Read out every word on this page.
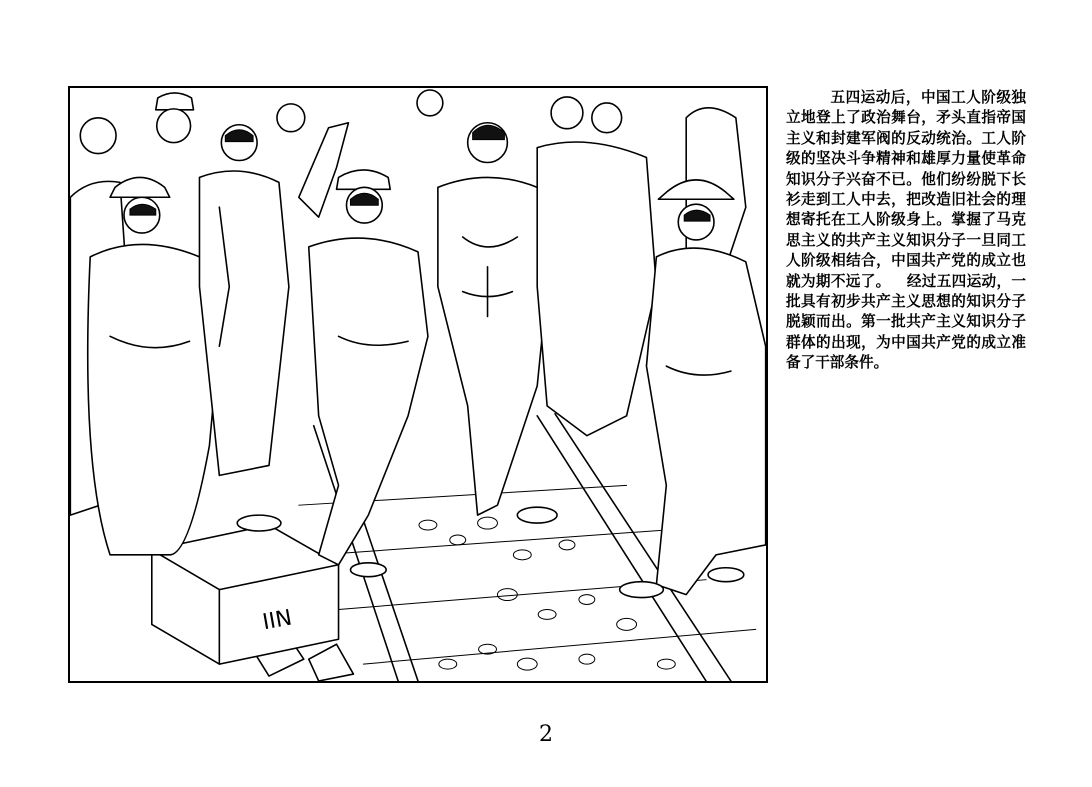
IIN
五四运动后，中国工人阶级独立地登上了政治舞台，矛头直指帝国主义和封建军阀的反动统治。工人阶级的坚决斗争精神和雄厚力量使革命知识分子兴奋不已。他们纷纷脱下长衫走到工人中去，把改造旧社会的理想寄托在工人阶级身上。掌握了马克思主义的共产主义知识分子一旦同工人阶级相结合，中国共产党的成立也就为期不远了。   经过五四运动，一批具有初步共产主义思想的知识分子脱颖而出。第一批共产主义知识分子群体的出现，为中国共产党的成立准备了干部条件。
2
